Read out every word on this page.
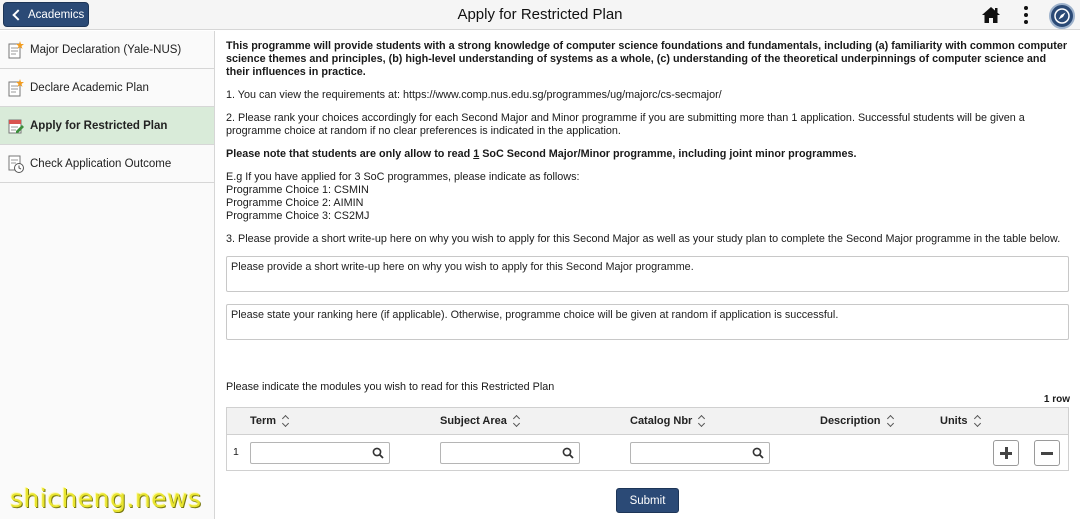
Academics	Apply for Restricted Plan
Major Declaration (Yale-NUS)
Declare Academic Plan
Apply for Restricted Plan
Check Application Outcome

This programme will provide students with a strong knowledge of computer science foundations and fundamentals, including (a) familiarity with common computer science themes and principles, (b) high-level understanding of systems as a whole, (c) understanding of the theoretical underpinnings of computer science and their influences in practice.

1. You can view the requirements at: https://www.comp.nus.edu.sg/programmes/ug/majorc/cs-secmajor/

2. Please rank your choices accordingly for each Second Major and Minor programme if you are submitting more than 1 application. Successful students will be given a programme choice at random if no clear preferences is indicated in the application.

Please note that students are only allow to read 1 SoC Second Major/Minor programme, including joint minor programmes.

E.g If you have applied for 3 SoC programmes, please indicate as follows:
Programme Choice 1: CSMIN
Programme Choice 2: AIMIN
Programme Choice 3: CS2MJ

3. Please provide a short write-up here on why you wish to apply for this Second Major as well as your study plan to complete the Second Major programme in the table below.

Please provide a short write-up here on why you wish to apply for this Second Major programme.
Please state your ranking here (if applicable). Otherwise, programme choice will be given at random if application is successful.
Please indicate the modules you wish to read for this Restricted Plan
1 row
Term	Subject Area	Catalog Nbr	Description	Units
1
Submit
shicheng.news
